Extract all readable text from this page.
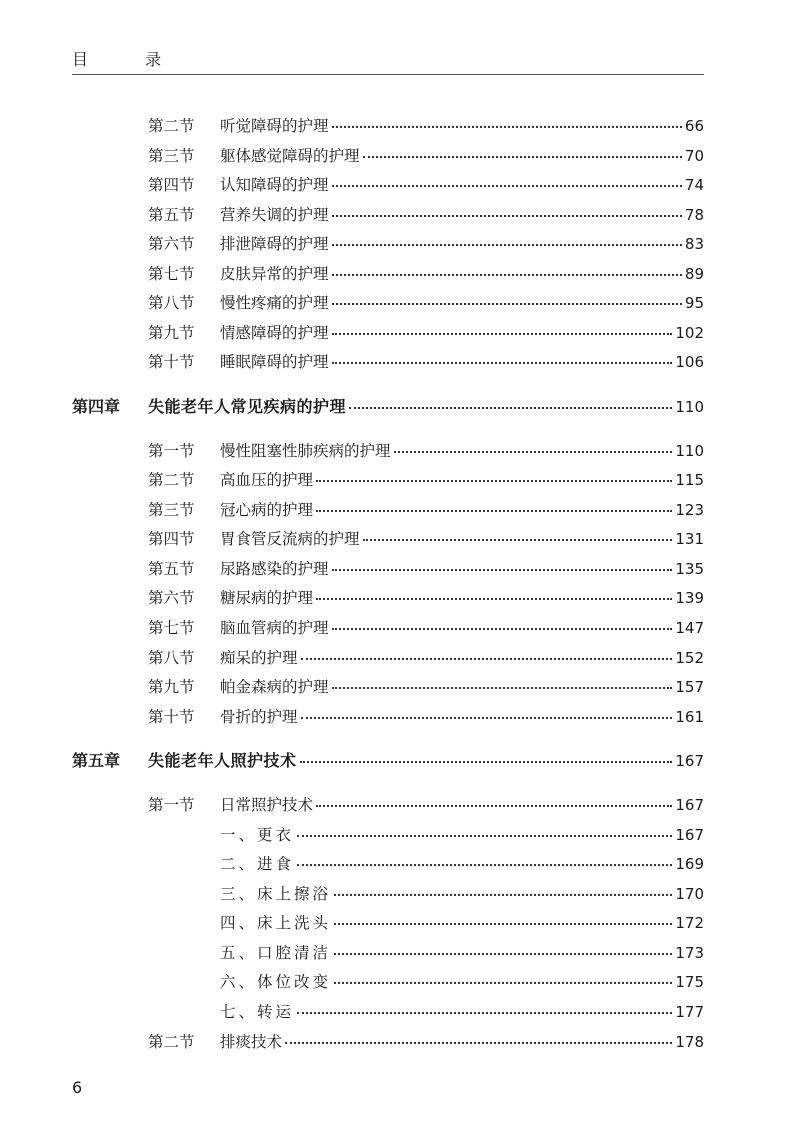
目 录
第二节	听觉障碍的护理	66
第三节	躯体感觉障碍的护理	70
第四节	认知障碍的护理	74
第五节	营养失调的护理	78
第六节	排泄障碍的护理	83
第七节	皮肤异常的护理	89
第八节	慢性疼痛的护理	95
第九节	情感障碍的护理	102
第十节	睡眠障碍的护理	106
第四章	失能老年人常见疾病的护理	110
第一节	慢性阻塞性肺疾病的护理	110
第二节	高血压的护理	115
第三节	冠心病的护理	123
第四节	胃食管反流病的护理	131
第五节	尿路感染的护理	135
第六节	糖尿病的护理	139
第七节	脑血管病的护理	147
第八节	痴呆的护理	152
第九节	帕金森病的护理	157
第十节	骨折的护理	161
第五章	失能老年人照护技术	167
第一节	日常照护技术	167
一、更衣	167
二、进食	169
三、床上擦浴	170
四、床上洗头	172
五、口腔清洁	173
六、体位改变	175
七、转运	177
第二节	排痰技术	178
6
